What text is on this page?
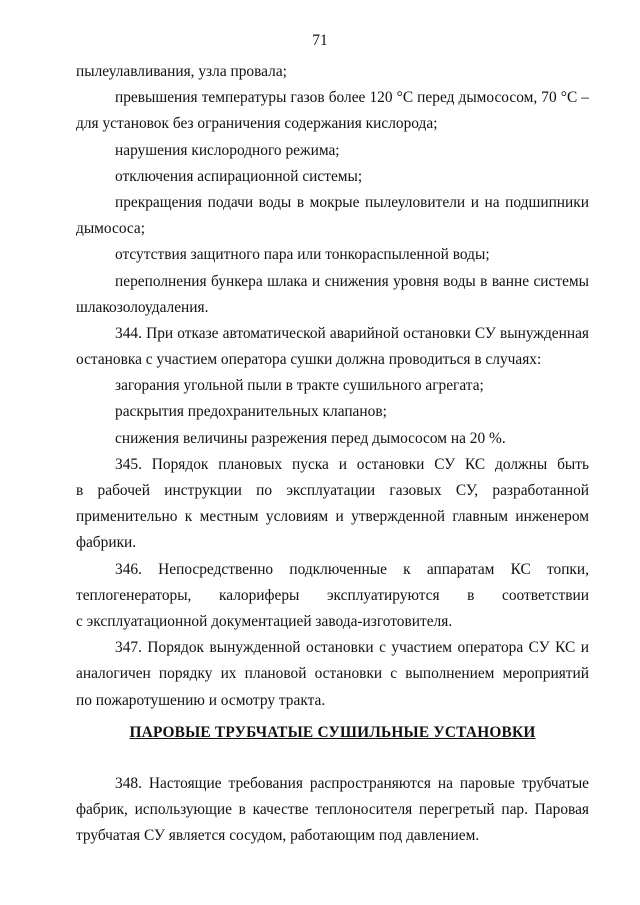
71
пылеулавливания, узла провала;
превышения температуры газов более 120 °С перед дымососом, 70 °С –
для установок без ограничения содержания кислорода;
нарушения кислородного режима;
отключения аспирационной системы;
прекращения подачи воды в мокрые пылеуловители и на подшипники
дымососа;
отсутствия защитного пара или тонкораспыленной воды;
переполнения бункера шлака и снижения уровня воды в ванне системы
шлакозолоудаления.
344. При отказе автоматической аварийной остановки СУ вынужденная
остановка с участием оператора сушки должна проводиться в случаях:
загорания угольной пыли в тракте сушильного агрегата;
раскрытия предохранительных клапанов;
снижения величины разрежения перед дымососом на 20 %.
345. Порядок плановых пуска и остановки СУ КС должны быть
в рабочей инструкции по эксплуатации газовых СУ, разработанной
применительно к местным условиям и утвержденной главным инженером
фабрики.
346. Непосредственно подключенные к аппаратам КС топки,
теплогенераторы, калориферы эксплуатируются в соответствии
с эксплуатационной документацией завода-изготовителя.
347. Порядок вынужденной остановки с участием оператора СУ КС и
аналогичен порядку их плановой остановки с выполнением мероприятий
по пожаротушению и осмотру тракта.
ПАРОВЫЕ ТРУБЧАТЫЕ СУШИЛЬНЫЕ УСТАНОВКИ
348. Настоящие требования распространяются на паровые трубчатые
фабрик, использующие в качестве теплоносителя перегретый пар. Паровая
трубчатая СУ является сосудом, работающим под давлением.
